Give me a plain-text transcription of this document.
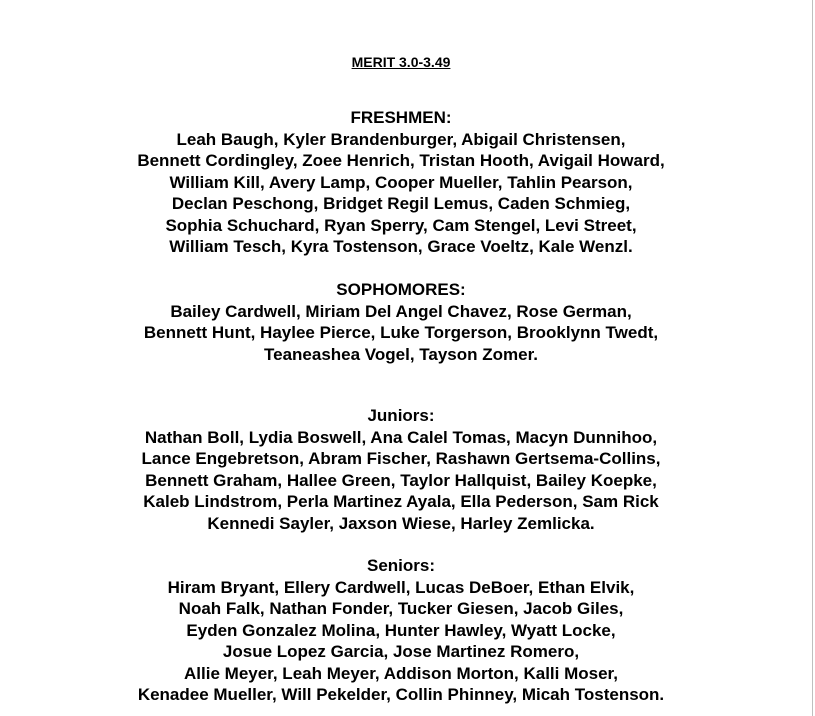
MERIT 3.0-3.49

FRESHMEN:

Leah Baugh, Kyler Brandenburger, Abigail Christensen,

Bennett Cordingley, Zoee Henrich, Tristan Hooth, Avigail Howard,

William Kill, Avery Lamp, Cooper Mueller, Tahlin Pearson,

Declan Peschong, Bridget Regil Lemus, Caden Schmieg,

Sophia Schuchard, Ryan Sperry, Cam Stengel, Levi Street,

William Tesch, Kyra Tostenson, Grace Voeltz, Kale Wenzl.

SOPHOMORES:

Bailey Cardwell, Miriam Del Angel Chavez, Rose German,

Bennett Hunt, Haylee Pierce, Luke Torgerson, Brooklynn Twedt,

Teaneashea Vogel, Tayson Zomer.

Juniors:

Nathan Boll, Lydia Boswell, Ana Calel Tomas, Macyn Dunnihoo,

Lance Engebretson, Abram Fischer, Rashawn Gertsema-Collins,

Bennett Graham, Hallee Green, Taylor Hallquist, Bailey Koepke,

Kaleb Lindstrom, Perla Martinez Ayala, Ella Pederson, Sam Rick

Kennedi Sayler, Jaxson Wiese, Harley Zemlicka.

Seniors:

Hiram Bryant, Ellery Cardwell, Lucas DeBoer, Ethan Elvik,

Noah Falk, Nathan Fonder, Tucker Giesen, Jacob Giles,

Eyden Gonzalez Molina, Hunter Hawley, Wyatt Locke,

Josue Lopez Garcia, Jose Martinez Romero,

Allie Meyer, Leah Meyer, Addison Morton, Kalli Moser,

Kenadee Mueller, Will Pekelder, Collin Phinney, Micah Tostenson.
